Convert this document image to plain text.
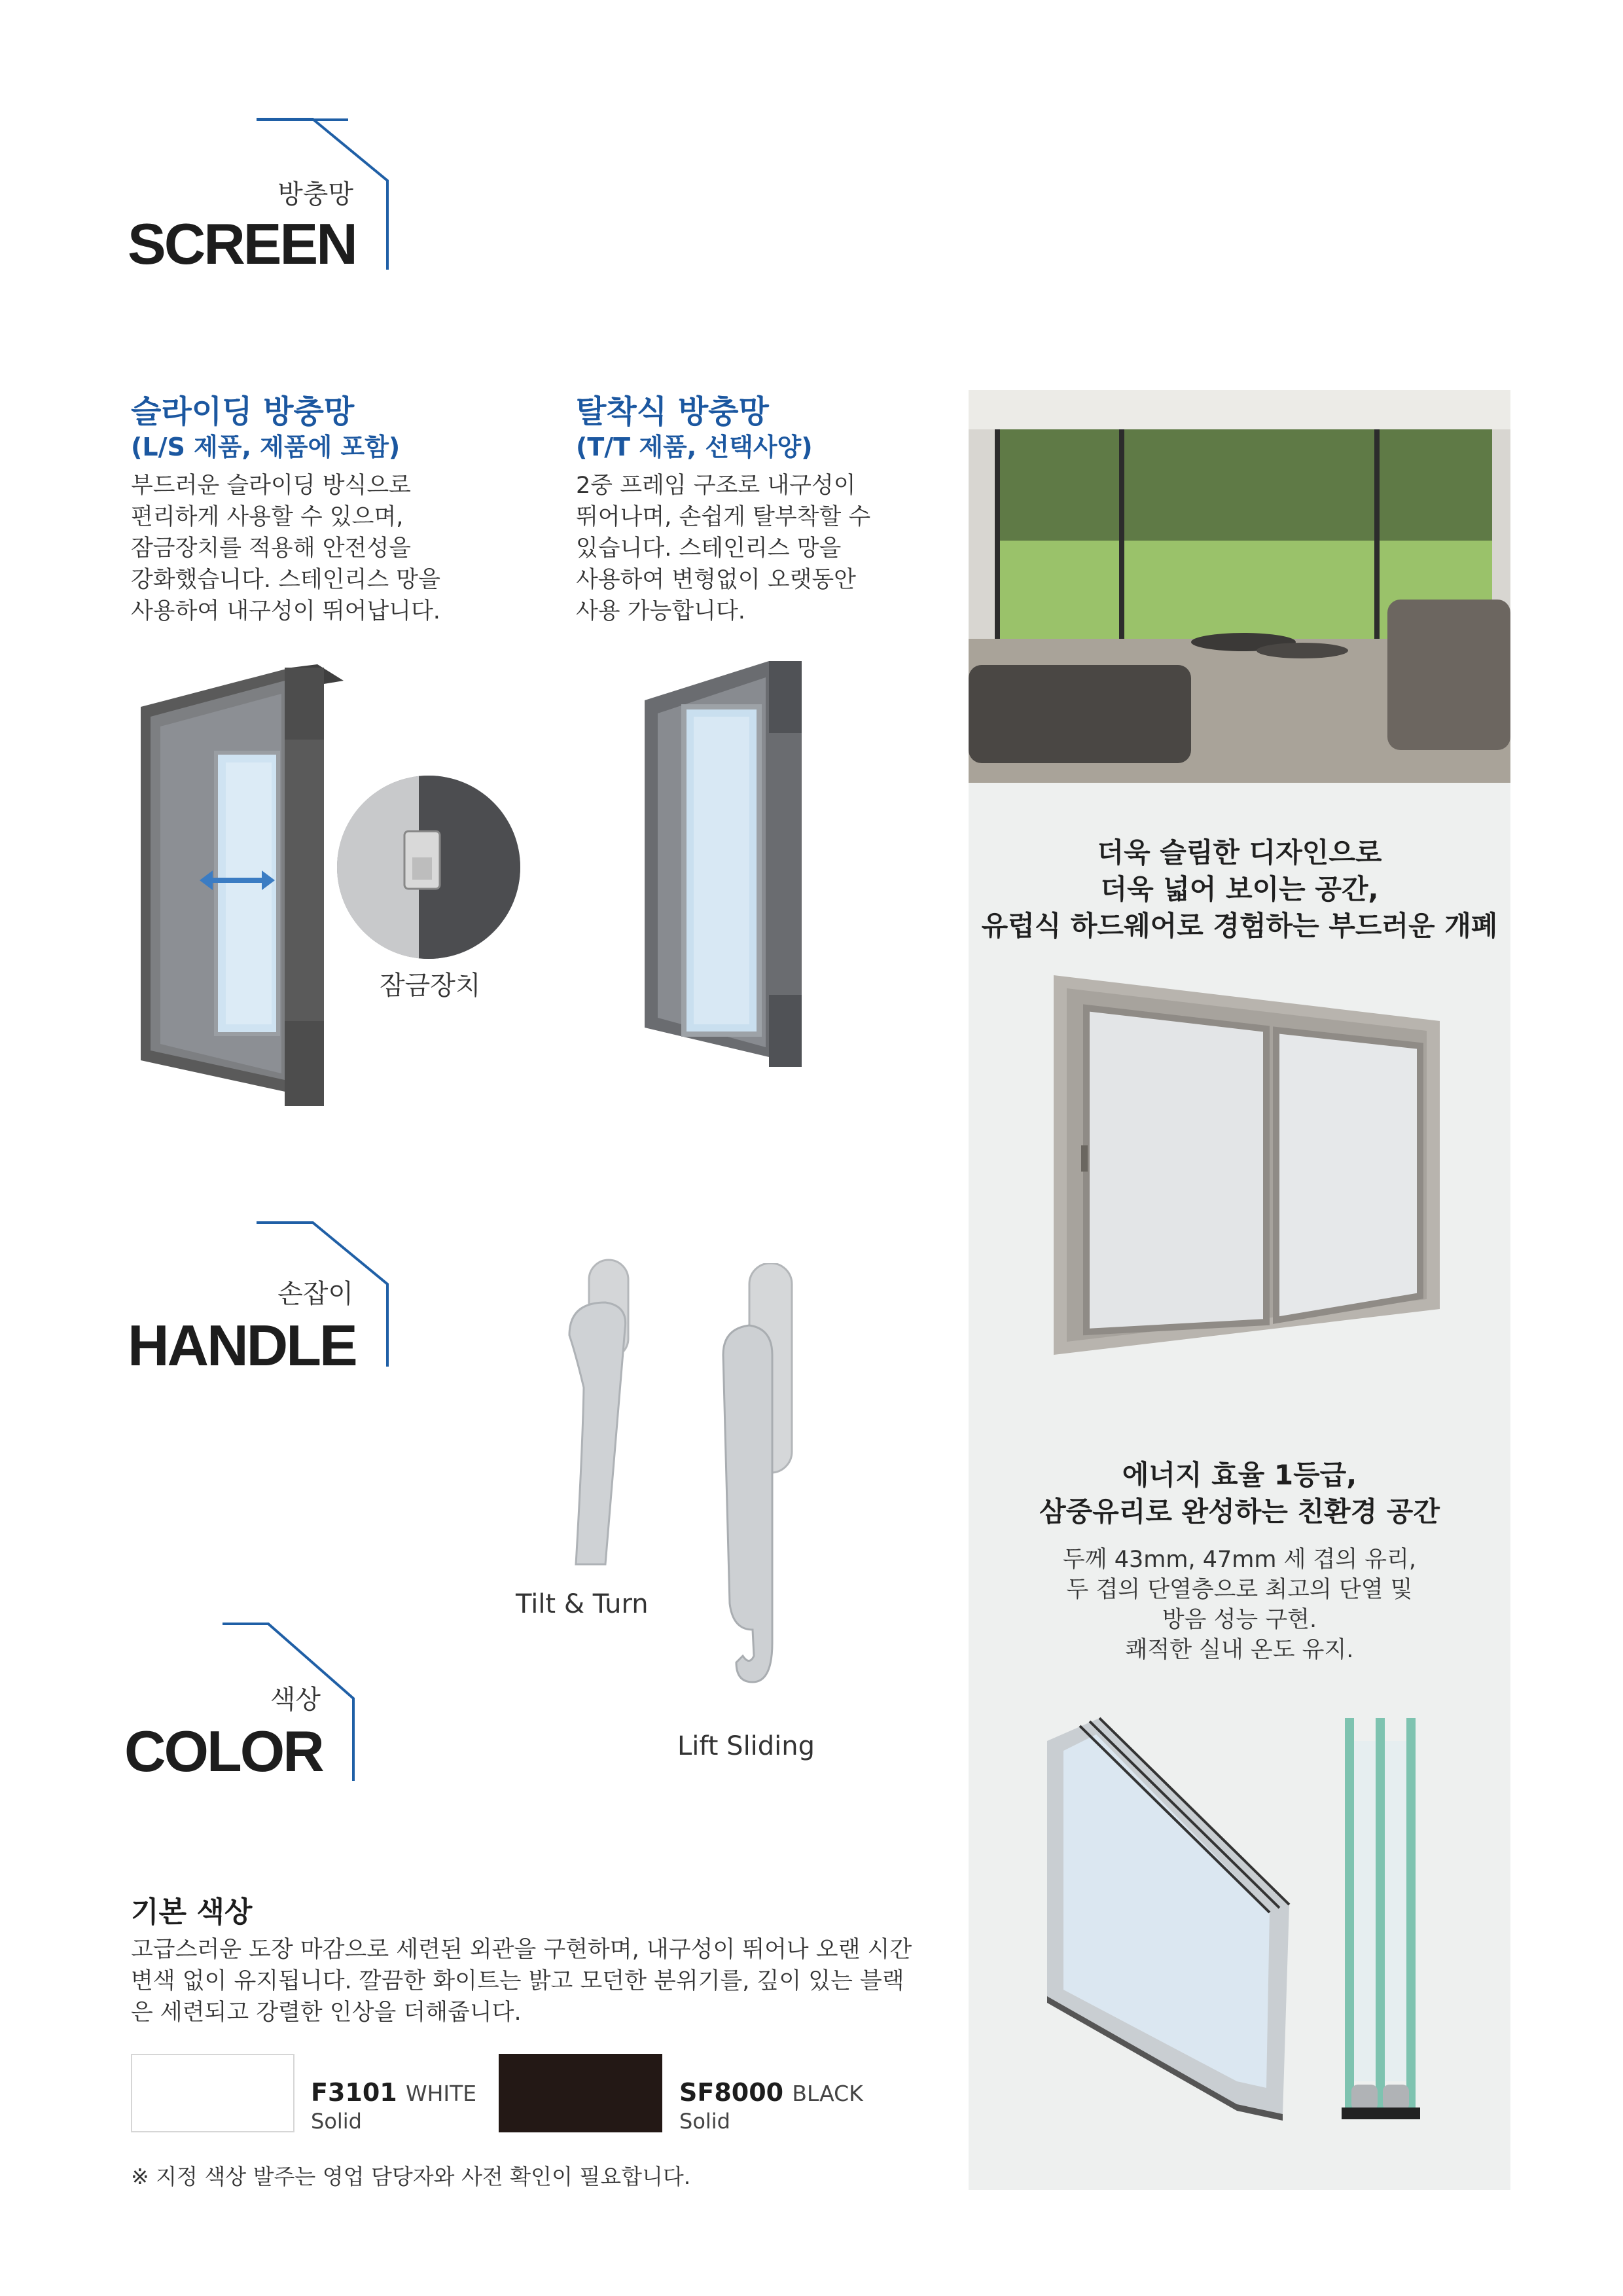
방충망
SCREEN
슬라이딩 방충망
(L/S 제품, 제품에 포함)
부드러운 슬라이딩 방식으로
편리하게 사용할 수 있으며,
잠금장치를 적용해 안전성을
강화했습니다. 스테인리스 망을
사용하여 내구성이 뛰어납니다.
탈착식 방충망
(T/T 제품, 선택사양)
2중 프레임 구조로 내구성이
뛰어나며, 손쉽게 탈부착할 수
있습니다. 스테인리스 망을
사용하여 변형없이 오랫동안
사용 가능합니다.
잠금장치
손잡이
HANDLE
Tilt & Turn
Lift Sliding
색상
COLOR
기본 색상
고급스러운 도장 마감으로 세련된 외관을 구현하며, 내구성이 뛰어나 오랜 시간
변색 없이 유지됩니다. 깔끔한 화이트는 밝고 모던한 분위기를, 깊이 있는 블랙
은 세련되고 강렬한 인상을 더해줍니다.
F3101 WHITE
Solid
SF8000 BLACK
Solid
※ 지정 색상 발주는 영업 담당자와 사전 확인이 필요합니다.
더욱 슬림한 디자인으로
더욱 넓어 보이는 공간,
유럽식 하드웨어로 경험하는 부드러운 개폐
에너지 효율 1등급,
삼중유리로 완성하는 친환경 공간
두께 43mm, 47mm 세 겹의 유리,
두 겹의 단열층으로 최고의 단열 및
방음 성능 구현.
쾌적한 실내 온도 유지.
